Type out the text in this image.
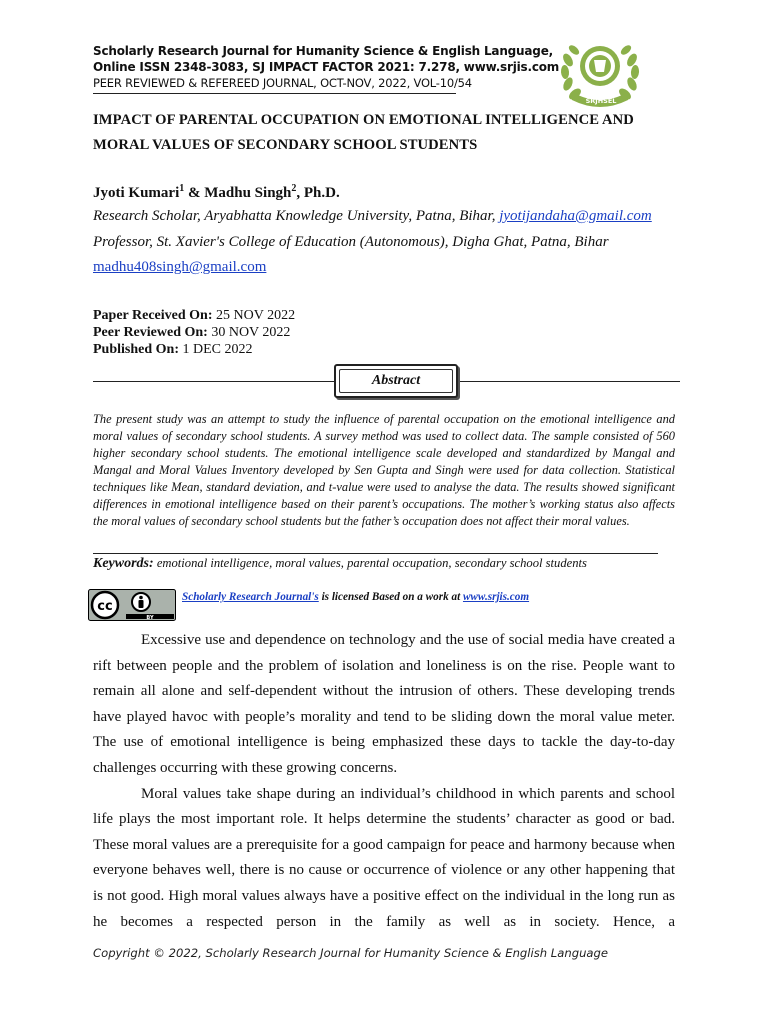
Scholarly Research Journal for Humanity Science & English Language,
Online ISSN 2348-3083, SJ IMPACT FACTOR 2021: 7.278, www.srjis.com
PEER REVIEWED & REFEREED JOURNAL, OCT-NOV, 2022, VOL-10/54
SRJHSEL
IMPACT OF PARENTAL OCCUPATION ON EMOTIONAL INTELLIGENCE AND MORAL VALUES OF SECONDARY SCHOOL STUDENTS
Jyoti Kumari$^1$ & Madhu Singh$^2$, Ph.D.
Research Scholar, Aryabhatta Knowledge University, Patna, Bihar, jyotijandaha@gmail.com
Professor, St. Xavier's College of Education (Autonomous), Digha Ghat, Patna, Bihar
madhu408singh@gmail.com
Paper Received On: 25 NOV 2022
Peer Reviewed On: 30 NOV 2022
Published On: 1 DEC 2022
Abstract

The present study was an attempt to study the influence of parental occupation on the emotional intelligence and moral values of secondary school students. A survey method was used to collect data. The sample consisted of 560 higher secondary school students. The emotional intelligence scale developed and standardized by Mangal and Mangal and Moral Values Inventory developed by Sen Gupta and Singh were used for data collection. Statistical techniques like Mean, standard deviation, and t-value were used to analyse the data. The results showed significant differences in emotional intelligence based on their parent’s occupations. The mother’s working status also affects the moral values of secondary school students but the father’s occupation does not affect their moral values.

Keywords: emotional intelligence, moral values, parental occupation, secondary school students
cc
BY
Scholarly Research Journal's is licensed Based on a work at www.srjis.com

Excessive use and dependence on technology and the use of social media have created a rift between people and the problem of isolation and loneliness is on the rise. People want to remain all alone and self-dependent without the intrusion of others. These developing trends have played havoc with people’s morality and tend to be sliding down the moral value meter. The use of emotional intelligence is being emphasized these days to tackle the day-to-day challenges occurring with these growing concerns.

Moral values take shape during an individual’s childhood in which parents and school life plays the most important role. It helps determine the students’ character as good or bad. These moral values are a prerequisite for a good campaign for peace and harmony because when everyone behaves well, there is no cause or occurrence of violence or any other happening that is not good. High moral values always have a positive effect on the individual in the long run as he becomes a respected person in the family as well as in society. Hence, a

Copyright © 2022, Scholarly Research Journal for Humanity Science & English Language
